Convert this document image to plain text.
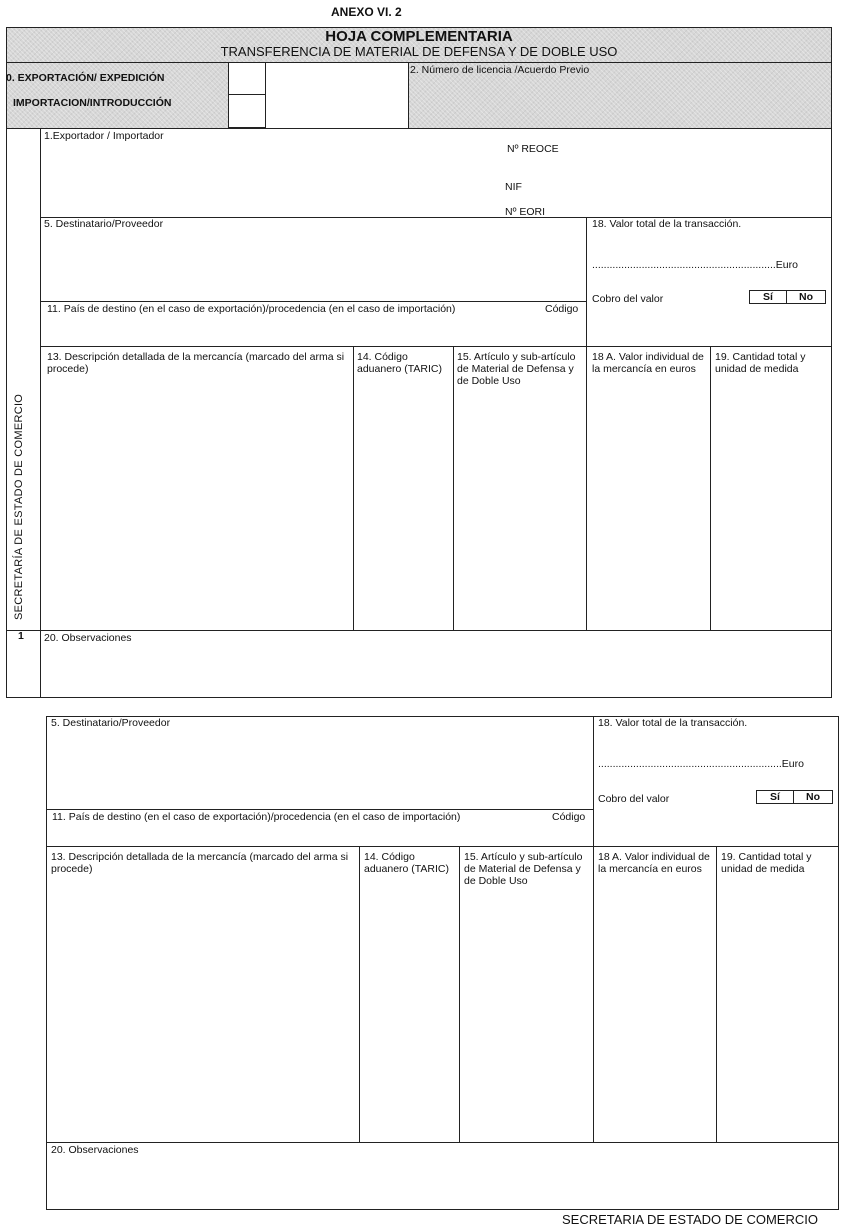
ANEXO VI. 2
HOJA COMPLEMENTARIA
TRANSFERENCIA DE MATERIAL DE DEFENSA Y DE DOBLE USO
0. EXPORTACIÓN/ EXPEDICIÓN
IMPORTACION/INTRODUCCIÓN
2. Número de licencia /Acuerdo Previo
SECRETARÍA DE ESTADO DE COMERCIO
1
1.Exportador / Importador
Nº REOCE
NIF
Nº EORI
5. Destinatario/Proveedor	18. Valor total de la transacción.
...............................................................Euro
Cobro del valor	Sí	No
11. País de destino (en el caso de exportación)/procedencia (en el caso de importación)	Código
13. Descripción detallada de la mercancía (marcado del arma si procede)
14. Código aduanero (TARIC)
15. Artículo y sub-artículo de Material de Defensa y de Doble Uso
18 A. Valor individual de la mercancía en euros
19. Cantidad total y unidad de medida
20. Observaciones
5. Destinatario/Proveedor	18. Valor total de la transacción.
...............................................................Euro
Cobro del valor	Sí	No
11. País de destino (en el caso de exportación)/procedencia (en el caso de importación)	Código
13. Descripción detallada de la mercancía (marcado del arma si procede)
14. Código aduanero (TARIC)
15. Artículo y sub-artículo de Material de Defensa y de Doble Uso
18 A. Valor individual de la mercancía en euros
19. Cantidad total y unidad de medida
20. Observaciones
SECRETARIA DE ESTADO DE COMERCIO
